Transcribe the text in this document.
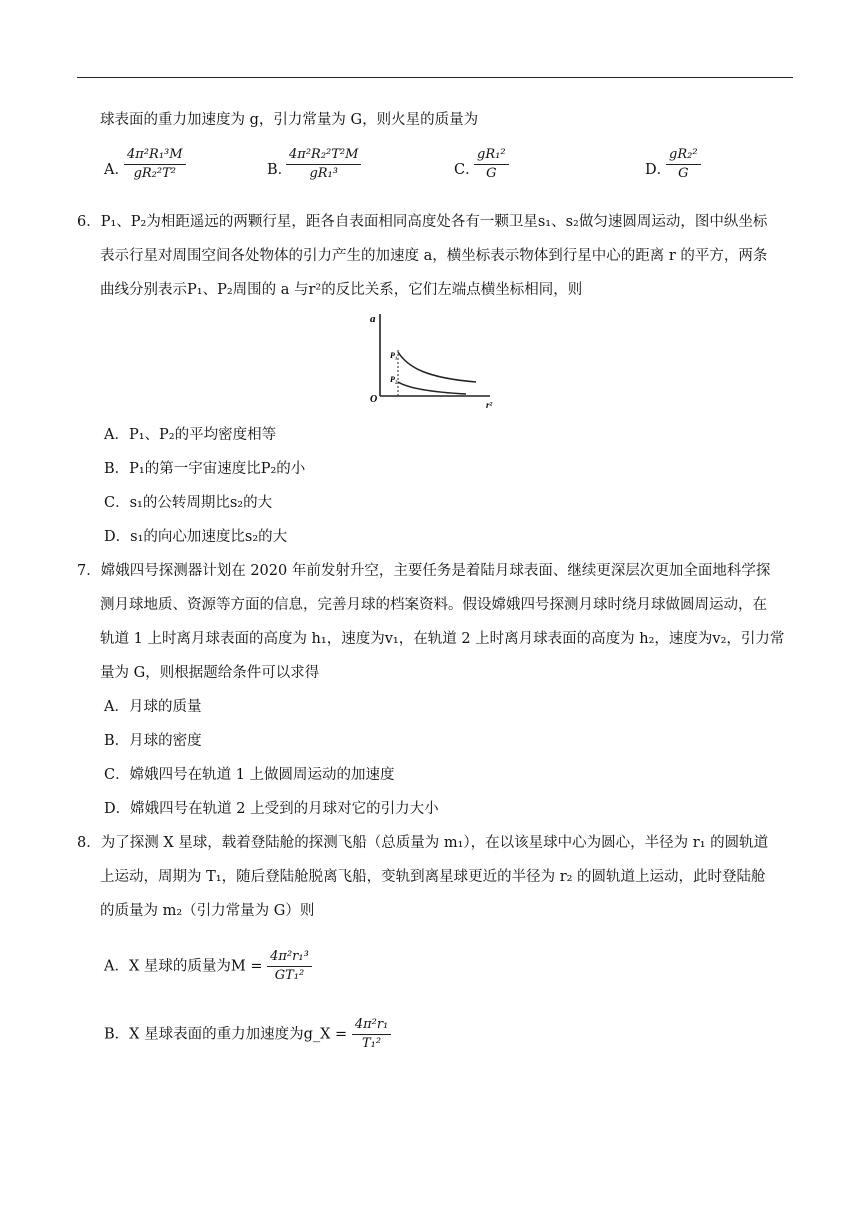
球表面的重力加速度为 g，引力常量为 G，则火星的质量为
A．
$\frac{\text{4π²R₁³M}}{\text{gR₂²T²}}$	B．
$\frac{\text{4π²R₂²T²M}}{\text{gR₁³}}$	C．
$\frac{\text{gR₁²}}{G}$	D．
$\frac{\text{gR₂²}}{G}$
6．P₁、P₂为相距遥远的两颗行星，距各自表面相同高度处各有一颗卫星s₁、s₂做匀速圆周运动，图中纵坐标
表示行星对周围空间各处物体的引力产生的加速度 a，横坐标表示物体到行星中心的距离 r 的平方，两条
曲线分别表示P₁、P₂周围的 a 与r²的反比关系，它们左端点横坐标相同，则
a
r²
O
P₁
P₂
A．P₁、P₂的平均密度相等
B．P₁的第一宇宙速度比P₂的小
C．s₁的公转周期比s₂的大
D．s₁的向心加速度比s₂的大
7．嫦娥四号探测器计划在 2020 年前发射升空，主要任务是着陆月球表面、继续更深层次更加全面地科学探
测月球地质、资源等方面的信息，完善月球的档案资料。假设嫦娥四号探测月球时绕月球做圆周运动，在
轨道 1 上时离月球表面的高度为 h₁，速度为v₁，在轨道 2 上时离月球表面的高度为 h₂，速度为v₂，引力常
量为 G，则根据题给条件可以求得
A．月球的质量
B．月球的密度
C．嫦娥四号在轨道 1 上做圆周运动的加速度
D．嫦娥四号在轨道 2 上受到的月球对它的引力大小
8．为了探测 X 星球，载着登陆舱的探测飞船（总质量为 m₁），在以该星球中心为圆心，半径为 r₁ 的圆轨道
上运动，周期为 T₁，随后登陆舱脱离飞船，变轨到离星球更近的半径为 r₂ 的圆轨道上运动，此时登陆舱
的质量为 m₂（引力常量为 G）则
A．X 星球的质量为$M = \frac{\text{4π²r₁³}}{\text{GT₁²}}$
B．X 星球表面的重力加速度为g_X = $\frac{\text{4π²r₁}}{\text{T₁²}}$
